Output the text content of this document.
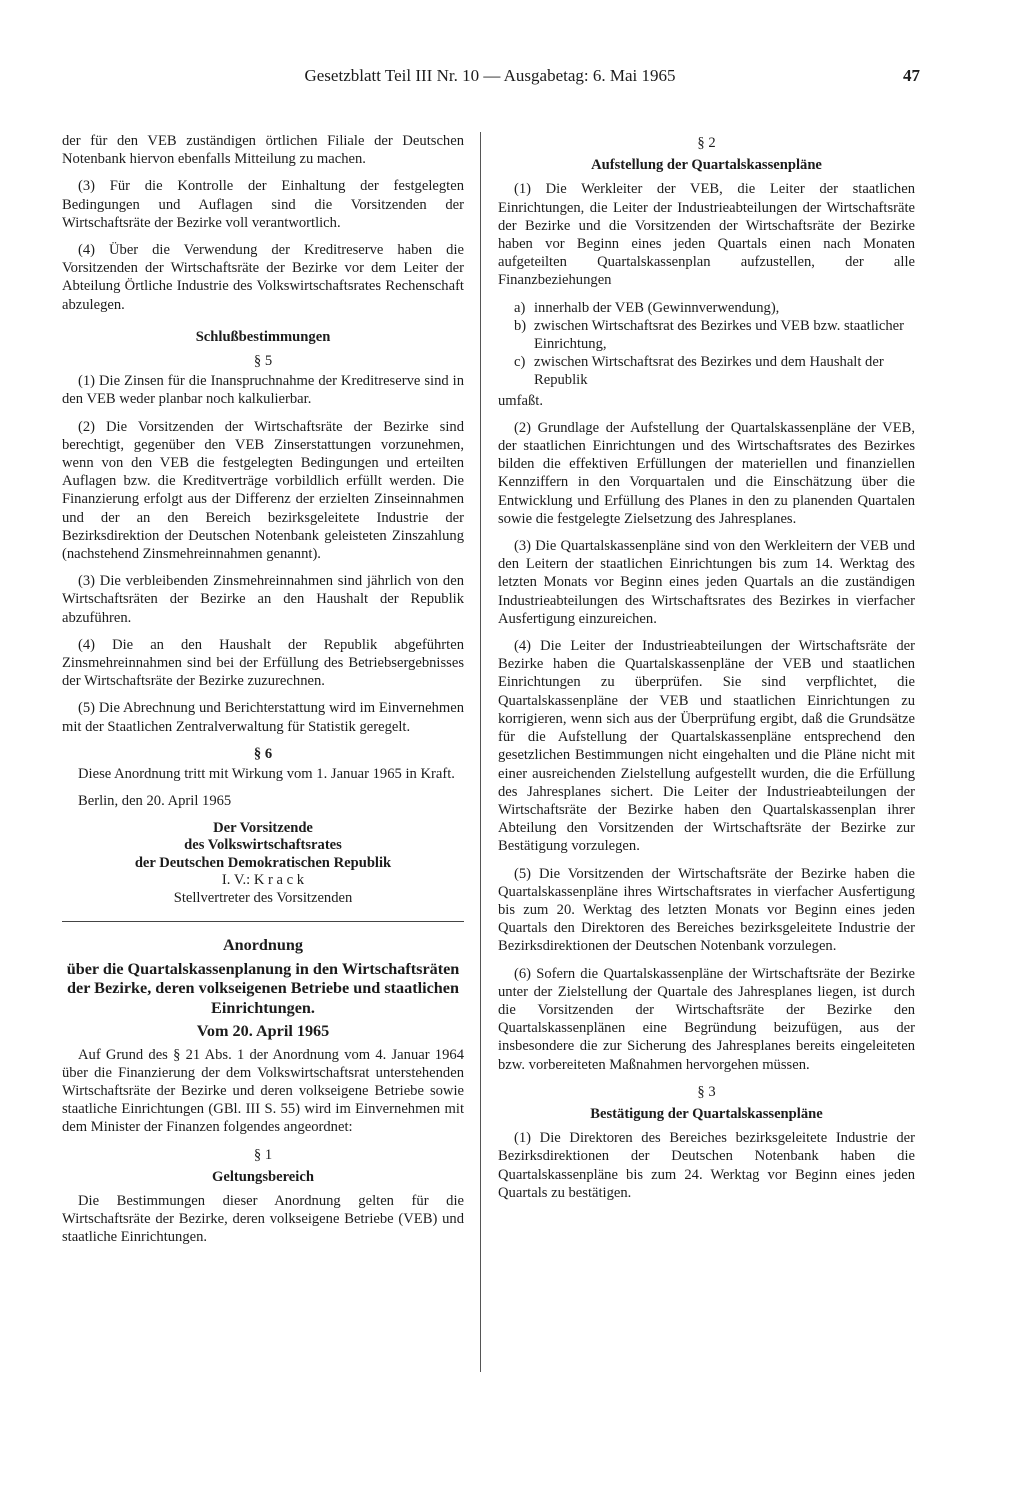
Gesetzblatt Teil III Nr. 10 — Ausgabetag: 6. Mai 1965	47

der für den VEB zuständigen örtlichen Filiale der Deutschen Notenbank hiervon ebenfalls Mitteilung zu machen.

(3) Für die Kontrolle der Einhaltung der festgelegten Bedingungen und Auflagen sind die Vorsitzenden der Wirtschaftsräte der Bezirke voll verantwortlich.

(4) Über die Verwendung der Kreditreserve haben die Vorsitzenden der Wirtschaftsräte der Bezirke vor dem Leiter der Abteilung Örtliche Industrie des Volkswirtschaftsrates Rechenschaft abzulegen.

Schlußbestimmungen
§ 5

(1) Die Zinsen für die Inanspruchnahme der Kreditreserve sind in den VEB weder planbar noch kalkulierbar.

(2) Die Vorsitzenden der Wirtschaftsräte der Bezirke sind berechtigt, gegenüber den VEB Zinserstattungen vorzunehmen, wenn von den VEB die festgelegten Bedingungen und erteilten Auflagen bzw. die Kreditverträge vorbildlich erfüllt werden. Die Finanzierung erfolgt aus der Differenz der erzielten Zinseinnahmen und der an den Bereich bezirksgeleitete Industrie der Bezirksdirektion der Deutschen Notenbank geleisteten Zinszahlung (nachstehend Zinsmehreinnahmen genannt).

(3) Die verbleibenden Zinsmehreinnahmen sind jährlich von den Wirtschaftsräten der Bezirke an den Haushalt der Republik abzuführen.

(4) Die an den Haushalt der Republik abgeführten Zinsmehreinnahmen sind bei der Erfüllung des Betriebsergebnisses der Wirtschaftsräte der Bezirke zuzurechnen.

(5) Die Abrechnung und Berichterstattung wird im Einvernehmen mit der Staatlichen Zentralverwaltung für Statistik geregelt.

§ 6

Diese Anordnung tritt mit Wirkung vom 1. Januar 1965 in Kraft.

Berlin, den 20. April 1965

Der Vorsitzende
des Volkswirtschaftsrates
der Deutschen Demokratischen Republik
I. V.: K r a c k
Stellvertreter des Vorsitzenden
Anordnung
über die Quartalskassenplanung in den Wirtschaftsräten der Bezirke, deren volkseigenen Betriebe und staatlichen Einrichtungen.
Vom 20. April 1965

Auf Grund des § 21 Abs. 1 der Anordnung vom 4. Januar 1964 über die Finanzierung der dem Volkswirtschaftsrat unterstehenden Wirtschaftsräte der Bezirke und deren volkseigene Betriebe sowie staatliche Einrichtungen (GBl. III S. 55) wird im Einvernehmen mit dem Minister der Finanzen folgendes angeordnet:

§ 1
Geltungsbereich

Die Bestimmungen dieser Anordnung gelten für die Wirtschaftsräte der Bezirke, deren volkseigene Betriebe (VEB) und staatliche Einrichtungen.

§ 2
Aufstellung der Quartalskassenpläne

(1) Die Werkleiter der VEB, die Leiter der staatlichen Einrichtungen, die Leiter der Industrieabteilungen der Wirtschaftsräte der Bezirke und die Vorsitzenden der Wirtschaftsräte der Bezirke haben vor Beginn eines jeden Quartals einen nach Monaten aufgeteilten Quartalskassenplan aufzustellen, der alle Finanzbeziehungen

a) innerhalb der VEB (Gewinnverwendung),
b) zwischen Wirtschaftsrat des Bezirkes und VEB bzw. staatlicher Einrichtung,
c) zwischen Wirtschaftsrat des Bezirkes und dem Haushalt der Republik

umfaßt.

(2) Grundlage der Aufstellung der Quartalskassenpläne der VEB, der staatlichen Einrichtungen und des Wirtschaftsrates des Bezirkes bilden die effektiven Erfüllungen der materiellen und finanziellen Kennziffern in den Vorquartalen und die Einschätzung über die Entwicklung und Erfüllung des Planes in den zu planenden Quartalen sowie die festgelegte Zielsetzung des Jahresplanes.

(3) Die Quartalskassenpläne sind von den Werkleitern der VEB und den Leitern der staatlichen Einrichtungen bis zum 14. Werktag des letzten Monats vor Beginn eines jeden Quartals an die zuständigen Industrieabteilungen des Wirtschaftsrates des Bezirkes in vierfacher Ausfertigung einzureichen.

(4) Die Leiter der Industrieabteilungen der Wirtschaftsräte der Bezirke haben die Quartalskassenpläne der VEB und staatlichen Einrichtungen zu überprüfen. Sie sind verpflichtet, die Quartalskassenpläne der VEB und staatlichen Einrichtungen zu korrigieren, wenn sich aus der Überprüfung ergibt, daß die Grundsätze für die Aufstellung der Quartalskassenpläne entsprechend den gesetzlichen Bestimmungen nicht eingehalten und die Pläne nicht mit einer ausreichenden Zielstellung aufgestellt wurden, die die Erfüllung des Jahresplanes sichert. Die Leiter der Industrieabteilungen der Wirtschaftsräte der Bezirke haben den Quartalskassenplan ihrer Abteilung den Vorsitzenden der Wirtschaftsräte der Bezirke zur Bestätigung vorzulegen.

(5) Die Vorsitzenden der Wirtschaftsräte der Bezirke haben die Quartalskassenpläne ihres Wirtschaftsrates in vierfacher Ausfertigung bis zum 20. Werktag des letzten Monats vor Beginn eines jeden Quartals den Direktoren des Bereiches bezirksgeleitete Industrie der Bezirksdirektionen der Deutschen Notenbank vorzulegen.

(6) Sofern die Quartalskassenpläne der Wirtschaftsräte der Bezirke unter der Zielstellung der Quartale des Jahresplanes liegen, ist durch die Vorsitzenden der Wirtschaftsräte der Bezirke den Quartalskassenplänen eine Begründung beizufügen, aus der insbesondere die zur Sicherung des Jahresplanes bereits eingeleiteten bzw. vorbereiteten Maßnahmen hervorgehen müssen.

§ 3
Bestätigung der Quartalskassenpläne

(1) Die Direktoren des Bereiches bezirksgeleitete Industrie der Bezirksdirektionen der Deutschen Notenbank haben die Quartalskassenpläne bis zum 24. Werktag vor Beginn eines jeden Quartals zu bestätigen.
